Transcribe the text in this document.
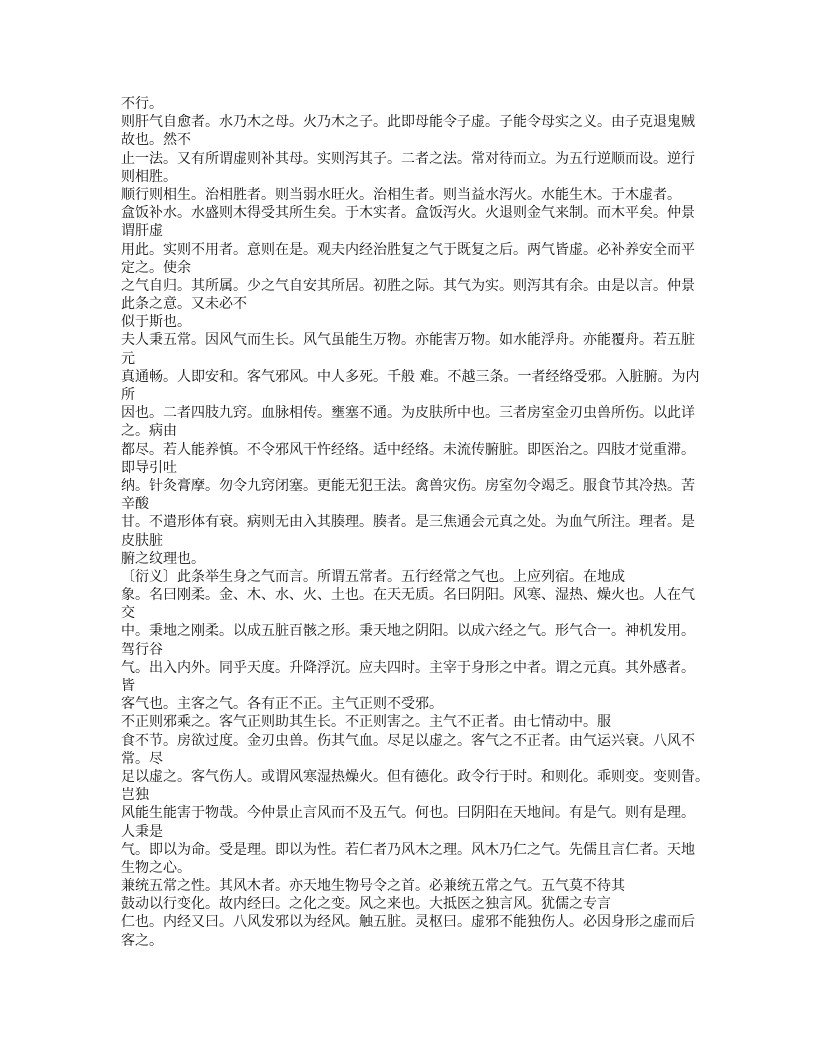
不行。
则肝气自愈者。水乃木之母。火乃木之子。此即母能令子虚。子能令母实之义。由子克退鬼贼
故也。然不
止一法。又有所谓虚则补其母。实则泻其子。二者之法。常对待而立。为五行逆顺而设。逆行
则相胜。
顺行则相生。治相胜者。则当弱水旺火。治相生者。则当益水泻火。水能生木。于木虚者。
盒饭补水。水盛则木得受其所生矣。于木实者。盒饭泻火。火退则金气来制。而木平矣。仲景
谓肝虚
用此。实则不用者。意则在是。观夫内经治胜复之气于既复之后。两气皆虚。必补养安全而平
定之。使余
之气自归。其所属。少之气自安其所居。初胜之际。其气为实。则泻其有余。由是以言。仲景
此条之意。又未必不
似于斯也。
夫人秉五常。因风气而生长。风气虽能生万物。亦能害万物。如水能浮舟。亦能覆舟。若五脏
元
真通畅。人即安和。客气邪风。中人多死。千般 难。不越三条。一者经络受邪。入脏腑。为内
所
因也。二者四肢九窍。血脉相传。壅塞不通。为皮肤所中也。三者房室金刃虫兽所伤。以此详
之。病由
都尽。若人能养慎。不令邪风干忤经络。适中经络。未流传腑脏。即医治之。四肢才觉重滞。
即导引吐
纳。针灸膏摩。勿令九窍闭塞。更能无犯王法。禽兽灾伤。房室勿令竭乏。服食节其冷热。苦
辛酸
甘。不遣形体有衰。病则无由入其腠理。腠者。是三焦通会元真之处。为血气所注。理者。是
皮肤脏
腑之纹理也。
〔衍义〕此条举生身之气而言。所谓五常者。五行经常之气也。上应列宿。在地成
象。名曰刚柔。金、木、水、火、土也。在天无质。名曰阴阳。风寒、湿热、燥火也。人在气
交
中。秉地之刚柔。以成五脏百骸之形。秉天地之阴阳。以成六经之气。形气合一。神机发用。
驾行谷
气。出入内外。同乎天度。升降浮沉。应夫四时。主宰于身形之中者。谓之元真。其外感者。
皆
客气也。主客之气。各有正不正。主气正则不受邪。
不正则邪乘之。客气正则助其生长。不正则害之。主气不正者。由七情动中。服
食不节。房欲过度。金刃虫兽。伤其气血。尽足以虚之。客气之不正者。由气运兴衰。八风不
常。尽
足以虚之。客气伤人。或谓风寒湿热燥火。但有德化。政令行于时。和则化。乖则变。变则眚。
岂独
风能生能害于物哉。今仲景止言风而不及五气。何也。曰阴阳在天地间。有是气。则有是理。
人秉是
气。即以为命。受是理。即以为性。若仁者乃风木之理。风木乃仁之气。先儒且言仁者。天地
生物之心。
兼统五常之性。其风木者。亦天地生物号令之首。必兼统五常之气。五气莫不待其
鼓动以行变化。故内经曰。之化之变。风之来也。大抵医之独言风。犹儒之专言
仁也。内经又曰。八风发邪以为经风。触五脏。灵枢曰。虚邪不能独伤人。必因身形之虚而后
客之。
